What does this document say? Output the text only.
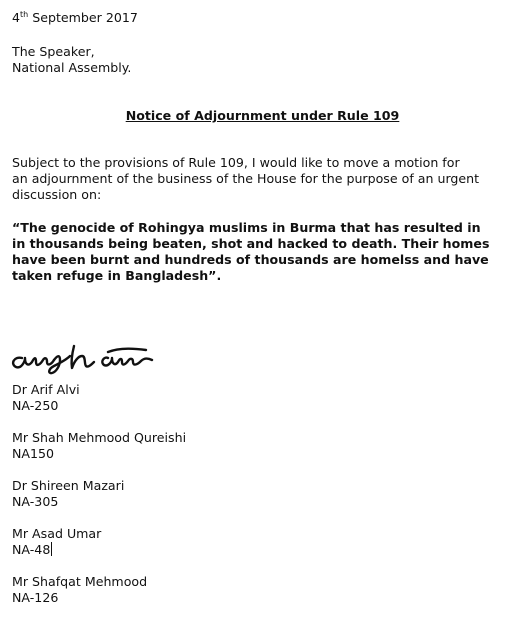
4th September 2017
The Speaker,
National Assembly.
Notice of Adjournment under Rule 109
Subject to the provisions of Rule 109, I would like to move a motion for
an adjournment of the business of the House for the purpose of an urgent
discussion on:
“The genocide of Rohingya muslims in Burma that has resulted in
in thousands being beaten, shot and hacked to death. Their homes
have been burnt and hundreds of thousands are homelss and have
taken refuge in Bangladesh”.
Dr Arif Alvi
NA-250
Mr Shah Mehmood Qureishi
NA150
Dr Shireen Mazari
NA-305
Mr Asad Umar
NA-48
Mr Shafqat Mehmood
NA-126
